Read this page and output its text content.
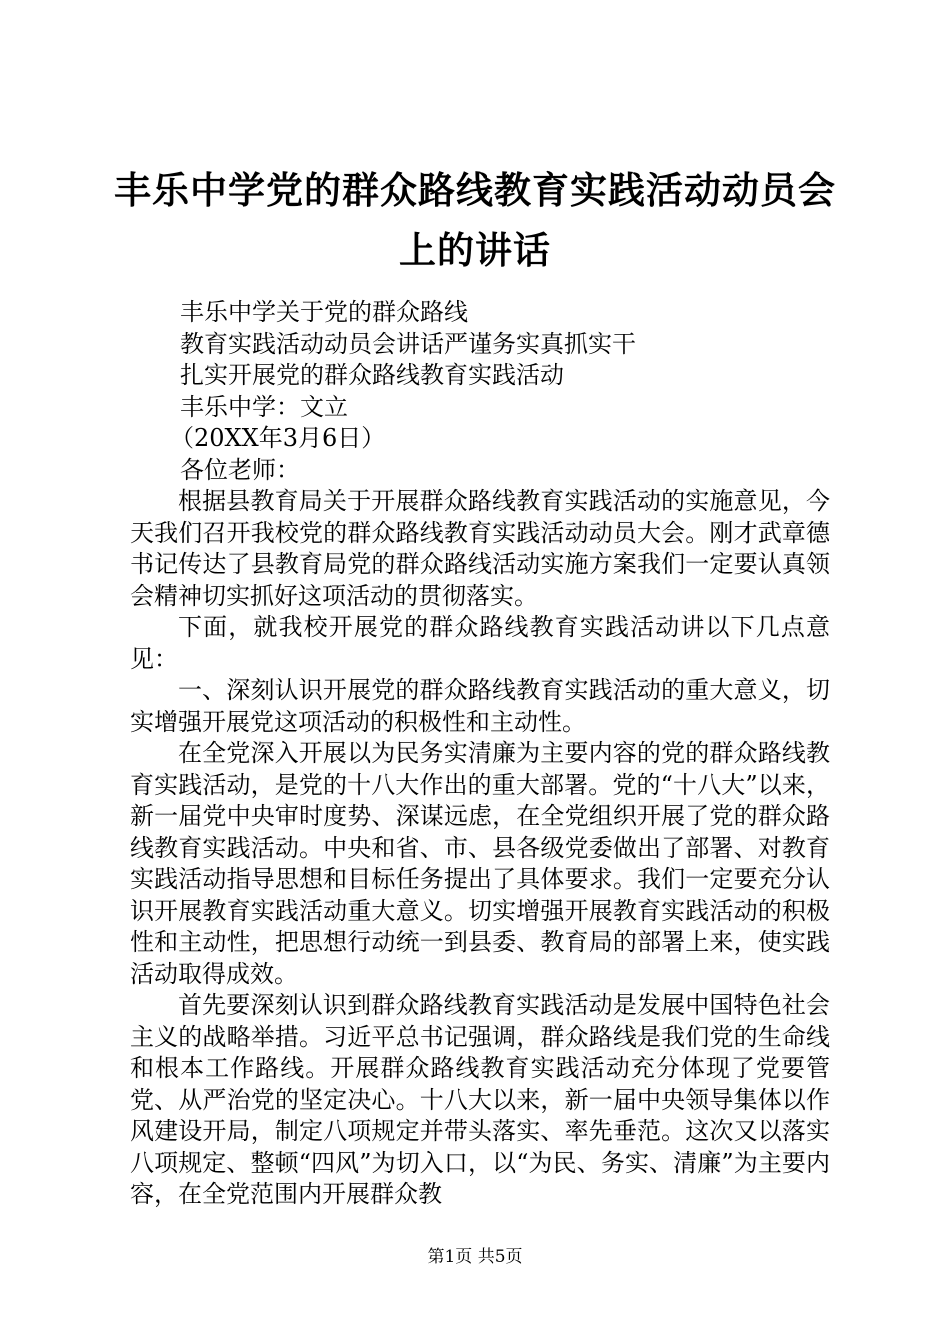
丰乐中学党的群众路线教育实践活动动员会上的讲话

丰乐中学关于党的群众路线

教育实践活动动员会讲话严谨务实真抓实干

扎实开展党的群众路线教育实践活动

丰乐中学：文立

（20XX年3月6日）

各位老师：

根据县教育局关于开展群众路线教育实践活动的实施意见，今天我们召开我校党的群众路线教育实践活动动员大会。刚才武章德书记传达了县教育局党的群众路线活动实施方案我们一定要认真领会精神切实抓好这项活动的贯彻落实。

下面，就我校开展党的群众路线教育实践活动讲以下几点意见：

一、深刻认识开展党的群众路线教育实践活动的重大意义，切实增强开展党这项活动的积极性和主动性。

在全党深入开展以为民务实清廉为主要内容的党的群众路线教育实践活动，是党的十八大作出的重大部署。党的“十八大”以来，新一届党中央审时度势、深谋远虑，在全党组织开展了党的群众路线教育实践活动。中央和省、市、县各级党委做出了部署、对教育实践活动指导思想和目标任务提出了具体要求。我们一定要充分认识开展教育实践活动重大意义。切实增强开展教育实践活动的积极性和主动性，把思想行动统一到县委、教育局的部署上来，使实践活动取得成效。

首先要深刻认识到群众路线教育实践活动是发展中国特色社会主义的战略举措。习近平总书记强调，群众路线是我们党的生命线和根本工作路线。开展群众路线教育实践活动充分体现了党要管党、从严治党的坚定决心。十八大以来，新一届中央领导集体以作风建设开局，制定八项规定并带头落实、率先垂范。这次又以落实八项规定、整顿“四风”为切入口，以“为民、务实、清廉”为主要内容，在全党范围内开展群众教

第1页 共5页
